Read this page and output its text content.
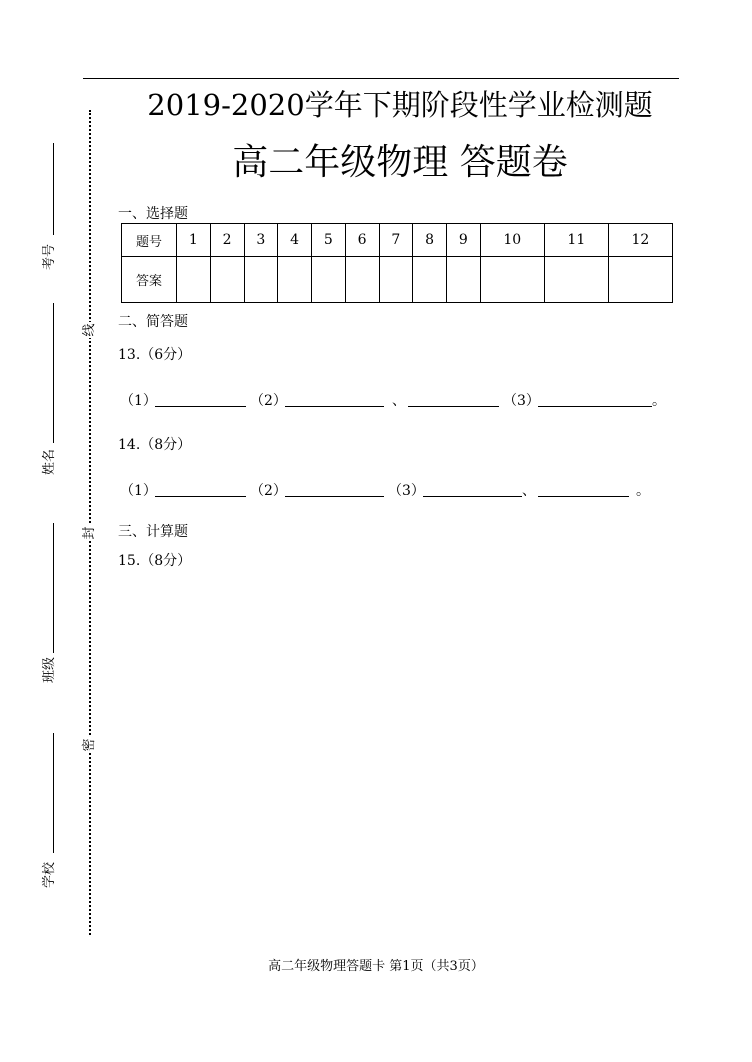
2019-2020学年下期阶段性学业检测题
高二年级物理 答题卷
线
封
密
考号
姓名
班级
学校
一、选择题
题号	1	2	3	4	5	6	7	8	9	10	11	12
答案												
二、简答题
13.（6分）
（1）	（2）	、	（3）	。
14.（8分）
（1）	（2）	（3）	、	。
三、计算题
15.（8分）
高二年级物理答题卡 第1页（共3页）
